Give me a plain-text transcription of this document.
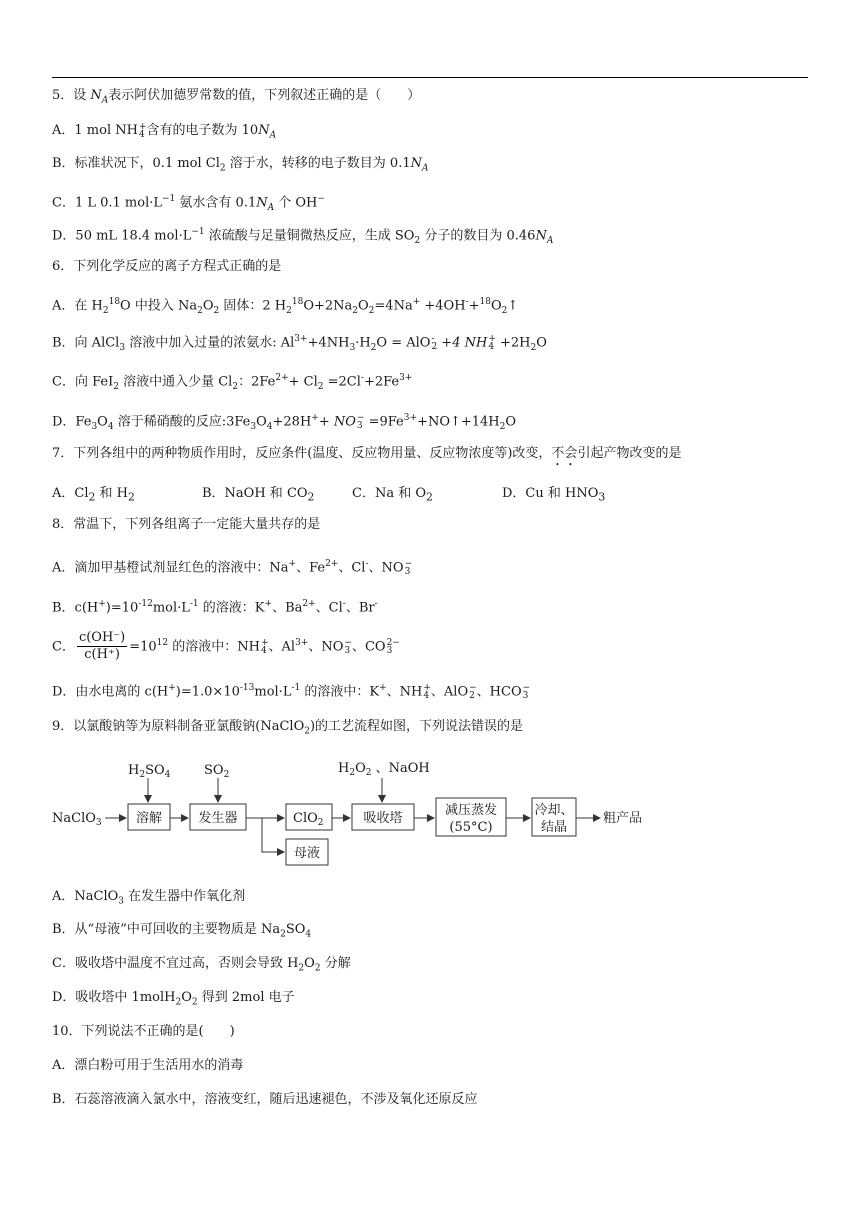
5．设 $N_A$表示阿伏加德罗常数的值，下列叙述正确的是（　　）
A．1 mol NH +
4 含有的电子数为 $10N_A$
B．标准状况下，0.1 mol $Cl_2$ 溶于水，转移的电子数目为 $0.1N_A$
C．1 L 0.1 $mol\cdot L^{-1}$ 氨水含有 $0.1N_A$ 个 OH−
D．50 mL 18.4 $mol\cdot L^{-1}$ 浓硫酸与足量铜微热反应，生成 $SO_2$ 分子的数目为 $0.46N_A$
6．下列化学反应的离子方程式正确的是
A．在 $H_2^{18}O$ 中投入 $Na_2O_2$ 固体：2 $H_2^{18}O+2Na_2O_2=4Na^+$ $+4OH^-+^{18}O_2↑$
B．向 AlCl$_3$ 溶液中加入过量的浓氨水: $Al^{3+}+4NH_3\cdot H_2O$ = AlO -
2 +4 NH +
$4 +2H_2O$
C．向 FeI$_2$ 溶液中通入少量 $Cl_2$：$2Fe^{2+}+ Cl_2 =2Cl^-+2Fe^{3+}$
D．$Fe_3O_4$ 溶于稀硝酸的反应$:3Fe_3O_4+28H^++$ NO −
$3 =9Fe^{3+}+NO↑+14H_2O$
7．下列各组中的两种物质作用时，反应条件(温度、反应物用量、反应物浓度等)改变，不会引起产物改变的是
A．$Cl_2$ 和 $H_2$	B．NaOH 和 $CO_2$	C．Na 和 $O_2$	D．Cu 和 $HNO_3$
8．常温下，下列各组离子一定能大量共存的是
A．滴加甲基橙试剂显红色的溶液中：Na+、$Fe^{2+}$、Cl-、NO −
3
B．$c(H^+)=10^{-12}mol\cdot L^{-1}$ 的溶液：K+、$Ba^{2+}$、Cl-、Br-
C． $\frac{c(OH^-)}{c(H^+)} =10^{12}$ 的溶液中：NH +
4 、$Al^{3+}$、NO −
3 、CO 2−
3
D．由水电离的 $c(H^+)=1.0\times 10^{-13}mol\cdot L^{-1}$ 的溶液中：K+、NH +
4 、AlO −
2 、HCO −
3
9．以氯酸钠等为原料制备亚氯酸钠(NaClO$_2$)的工艺流程如图，下列说法错误的是
$H_2SO_4$	$SO_2$	$H_2O_2$ 、NaOH
NaClO$_3$	溶解	发生器	ClO$_2$	吸收塔
减压蒸发
(55°C)
冷却、
结晶
粗产品
母液
A．NaClO$_3$ 在发生器中作氧化剂
B．从“母液”中可回收的主要物质是 $Na_2SO_4$
C．吸收塔中温度不宜过高，否则会导致 $H_2O_2$ 分解
D．吸收塔中 $1molH_2O_2$ 得到 2mol 电子
10．下列说法不正确的是(　　)
A．漂白粉可用于生活用水的消毒
B．石蕊溶液滴入氯水中，溶液变红，随后迅速褪色，不涉及氧化还原反应
